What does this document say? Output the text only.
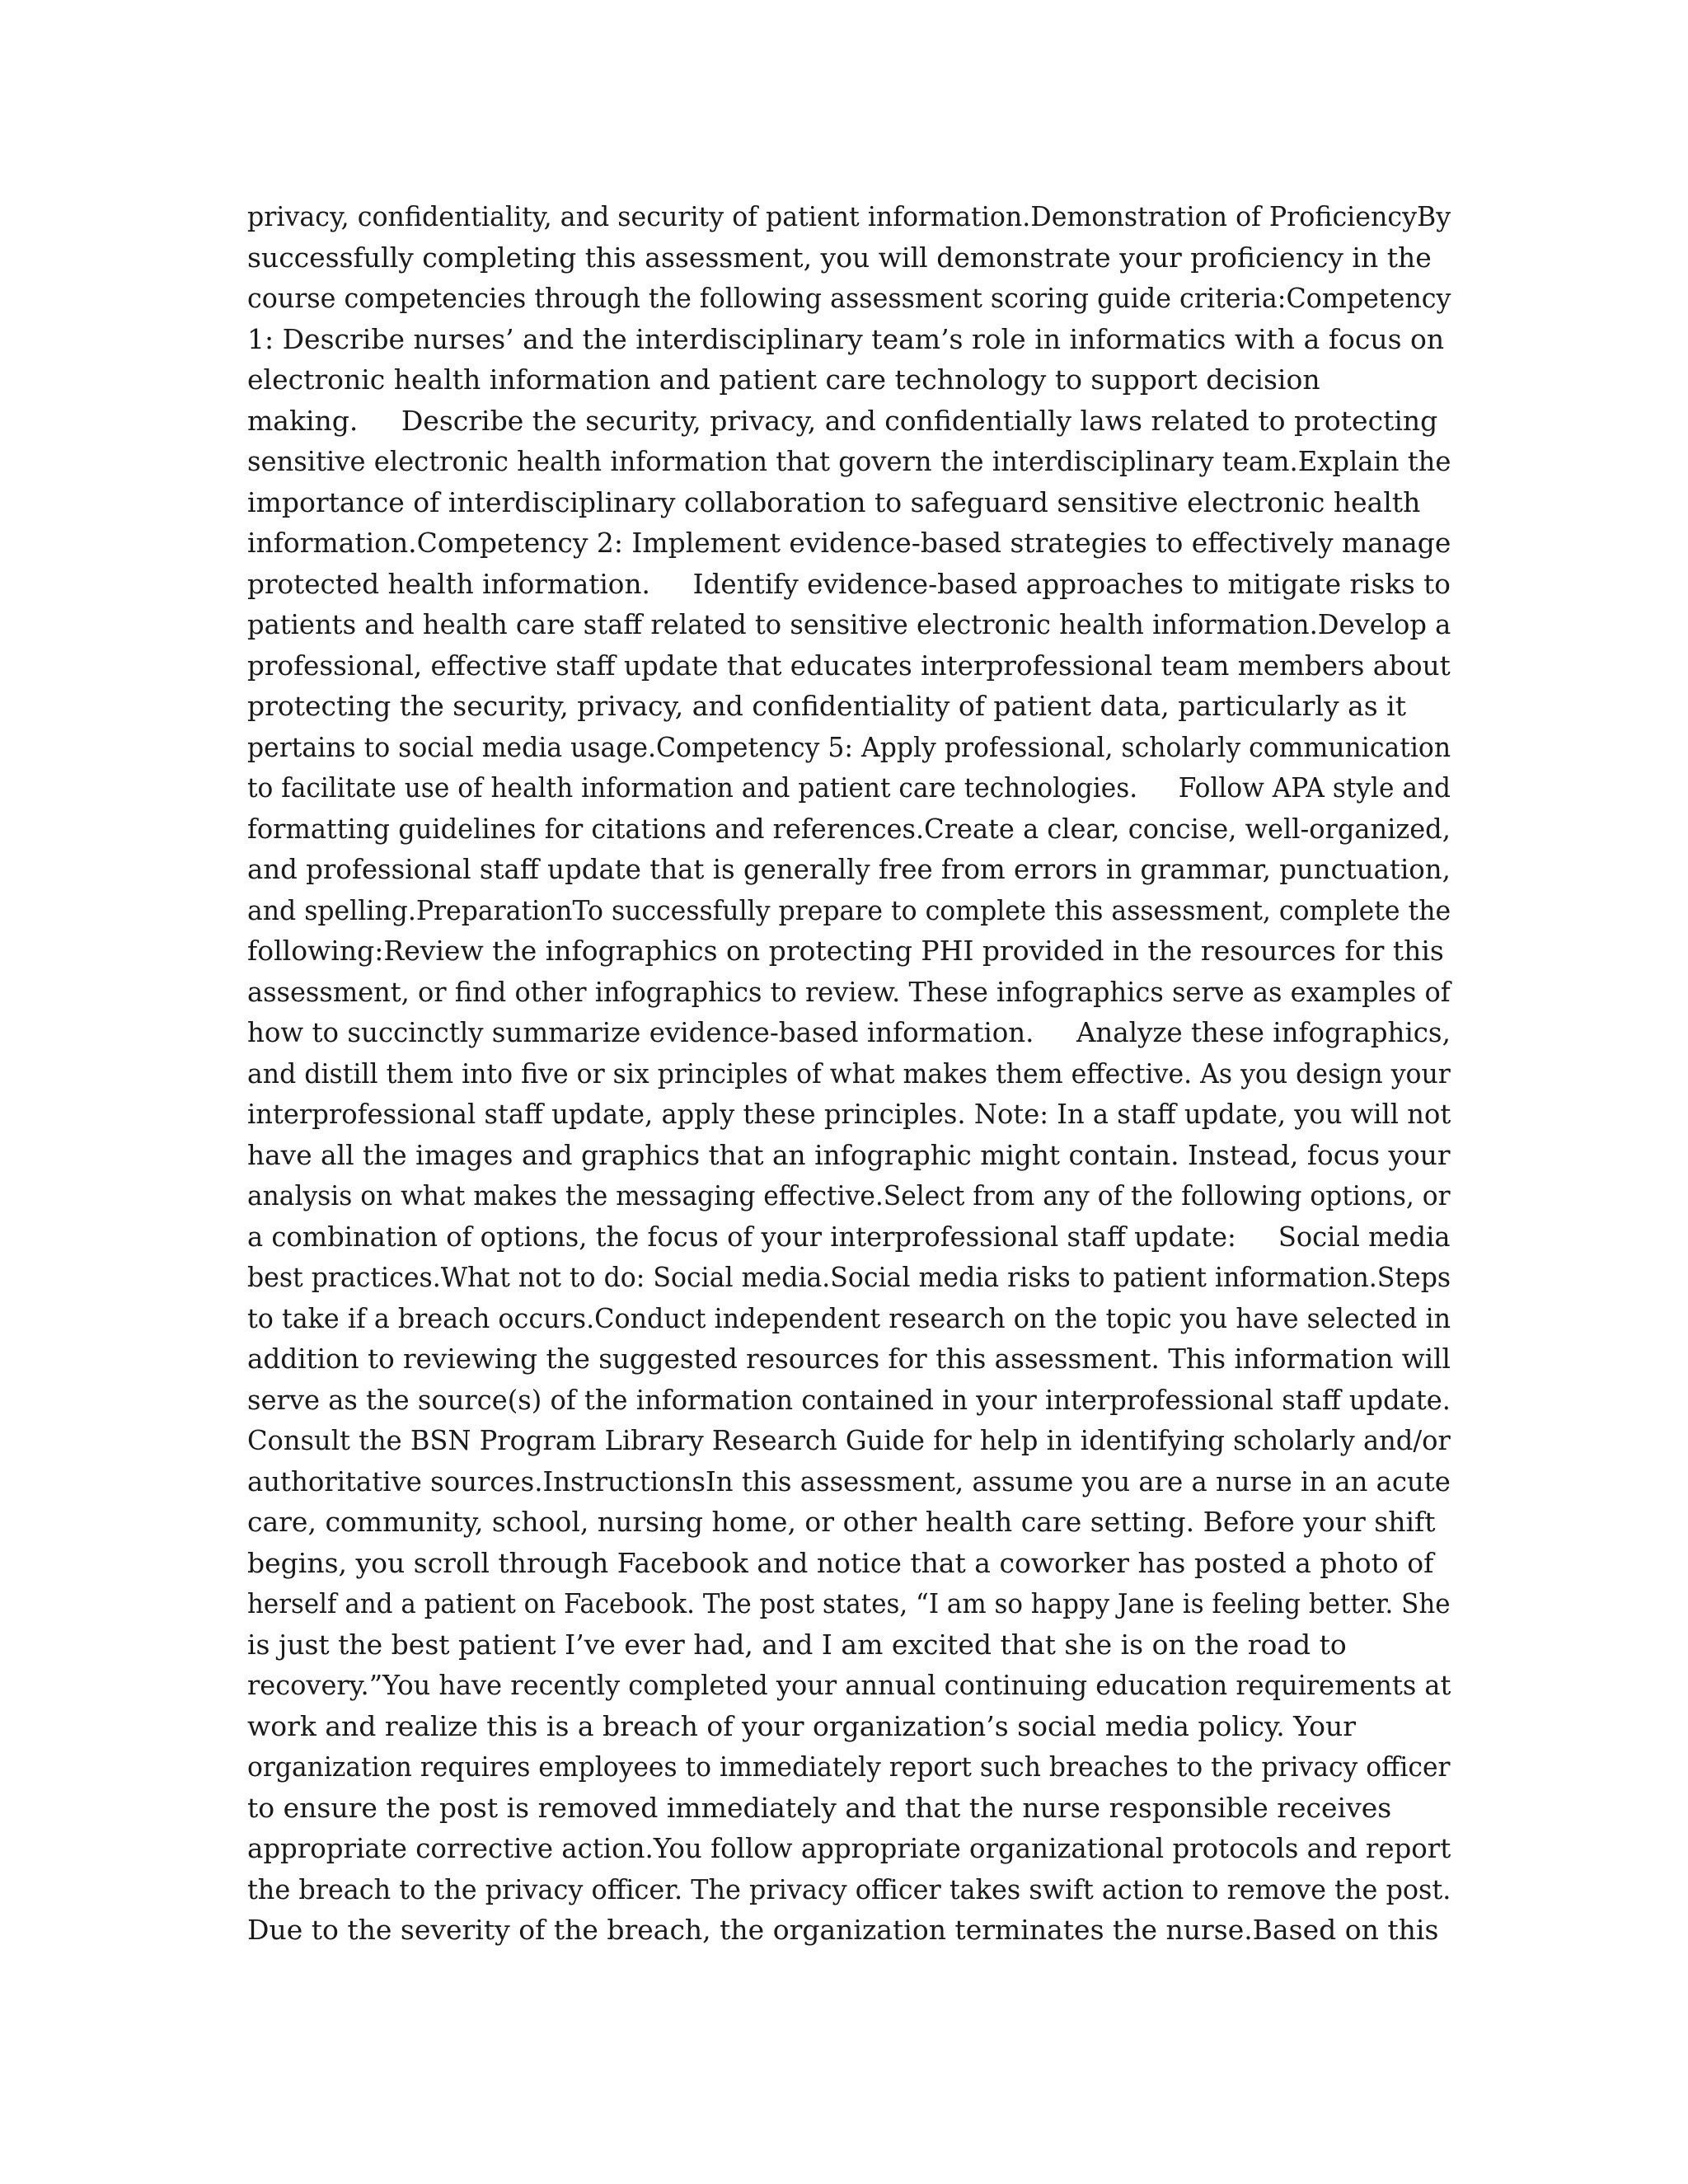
privacy, confidentiality, and security of patient information.Demonstration of ProficiencyBy
successfully completing this assessment, you will demonstrate your proficiency in the
course competencies through the following assessment scoring guide criteria:Competency
1: Describe nurses’ and the interdisciplinary team’s role in informatics with a focus on
electronic health information and patient care technology to support decision
making.     Describe the security, privacy, and confidentially laws related to protecting
sensitive electronic health information that govern the interdisciplinary team.Explain the
importance of interdisciplinary collaboration to safeguard sensitive electronic health
information.Competency 2: Implement evidence-based strategies to effectively manage
protected health information.     Identify evidence-based approaches to mitigate risks to
patients and health care staff related to sensitive electronic health information.Develop a
professional, effective staff update that educates interprofessional team members about
protecting the security, privacy, and confidentiality of patient data, particularly as it
pertains to social media usage.Competency 5: Apply professional, scholarly communication
to facilitate use of health information and patient care technologies.     Follow APA style and
formatting guidelines for citations and references.Create a clear, concise, well-organized,
and professional staff update that is generally free from errors in grammar, punctuation,
and spelling.PreparationTo successfully prepare to complete this assessment, complete the
following:Review the infographics on protecting PHI provided in the resources for this
assessment, or find other infographics to review. These infographics serve as examples of
how to succinctly summarize evidence-based information.     Analyze these infographics,
and distill them into five or six principles of what makes them effective. As you design your
interprofessional staff update, apply these principles. Note: In a staff update, you will not
have all the images and graphics that an infographic might contain. Instead, focus your
analysis on what makes the messaging effective.Select from any of the following options, or
a combination of options, the focus of your interprofessional staff update:     Social media
best practices.What not to do: Social media.Social media risks to patient information.Steps
to take if a breach occurs.Conduct independent research on the topic you have selected in
addition to reviewing the suggested resources for this assessment. This information will
serve as the source(s) of the information contained in your interprofessional staff update.
Consult the BSN Program Library Research Guide for help in identifying scholarly and/or
authoritative sources.InstructionsIn this assessment, assume you are a nurse in an acute
care, community, school, nursing home, or other health care setting. Before your shift
begins, you scroll through Facebook and notice that a coworker has posted a photo of
herself and a patient on Facebook. The post states, “I am so happy Jane is feeling better. She
is just the best patient I’ve ever had, and I am excited that she is on the road to
recovery.”You have recently completed your annual continuing education requirements at
work and realize this is a breach of your organization’s social media policy. Your
organization requires employees to immediately report such breaches to the privacy officer
to ensure the post is removed immediately and that the nurse responsible receives
appropriate corrective action.You follow appropriate organizational protocols and report
the breach to the privacy officer. The privacy officer takes swift action to remove the post.
Due to the severity of the breach, the organization terminates the nurse.Based on this
